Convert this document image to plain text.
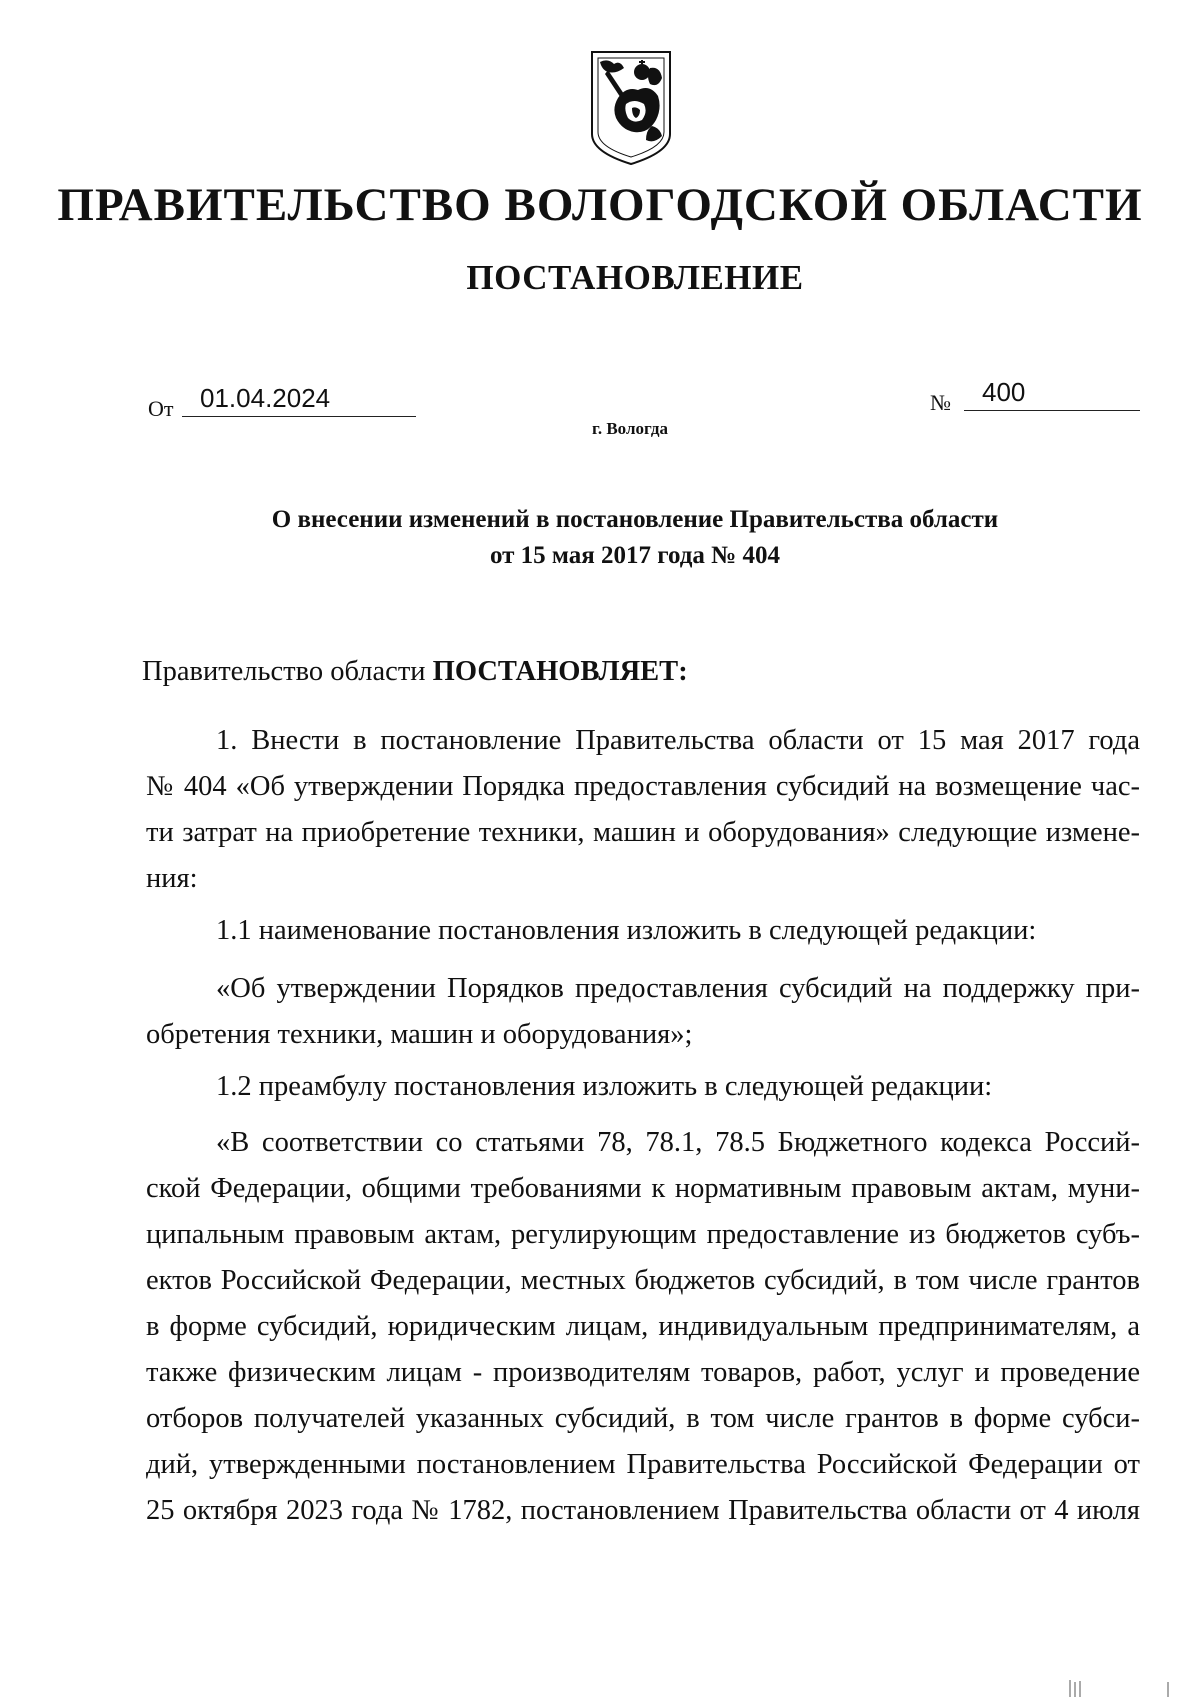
ПРАВИТЕЛЬСТВО ВОЛОГОДСКОЙ ОБЛАСТИ
ПОСТАНОВЛЕНИЕ
От	01.04.2024	№	400
г. Вологда
О внесении изменений в постановление Правительства области
от 15 мая 2017 года № 404
Правительство области ПОСТАНОВЛЯЕТ:
1. Внести в постановление Правительства области от 15 мая 2017 года
№ 404 «Об утверждении Порядка предоставления субсидий на возмещение час-
ти затрат на приобретение техники, машин и оборудования» следующие измене-
ния:
1.1 наименование постановления изложить в следующей редакции:
«Об утверждении Порядков предоставления субсидий на поддержку при-
обретения техники, машин и оборудования»;
1.2 преамбулу постановления изложить в следующей редакции:
«В соответствии со статьями 78, 78.1, 78.5 Бюджетного кодекса Россий-
ской Федерации, общими требованиями к нормативным правовым актам, муни-
ципальным правовым актам, регулирующим предоставление из бюджетов субъ-
ектов Российской Федерации, местных бюджетов субсидий, в том числе грантов
в форме субсидий, юридическим лицам, индивидуальным предпринимателям, а
также физическим лицам - производителям товаров, работ, услуг и проведение
отборов получателей указанных субсидий, в том числе грантов в форме субси-
дий, утвержденными постановлением Правительства Российской Федерации от
25 октября 2023 года № 1782, постановлением Правительства области от 4 июля
